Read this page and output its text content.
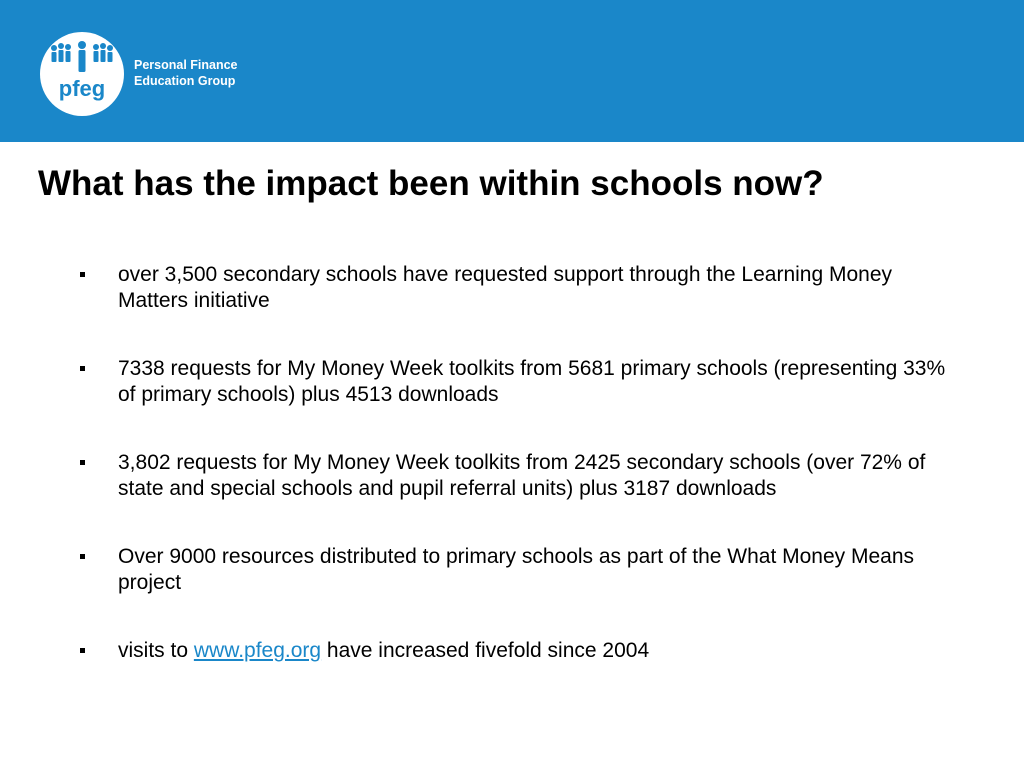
pfeg
Personal Finance
Education Group
What has the impact been within schools now?
over 3,500 secondary schools have requested support through the Learning Money Matters initiative
7338 requests for My Money Week toolkits from 5681 primary schools (representing 33% of primary schools) plus 4513 downloads
3,802 requests for My Money Week toolkits from 2425 secondary schools (over 72% of state and special schools and pupil referral units) plus 3187 downloads
Over 9000 resources distributed to primary schools as part of the What Money Means project
visits to www.pfeg.org have increased fivefold since 2004
